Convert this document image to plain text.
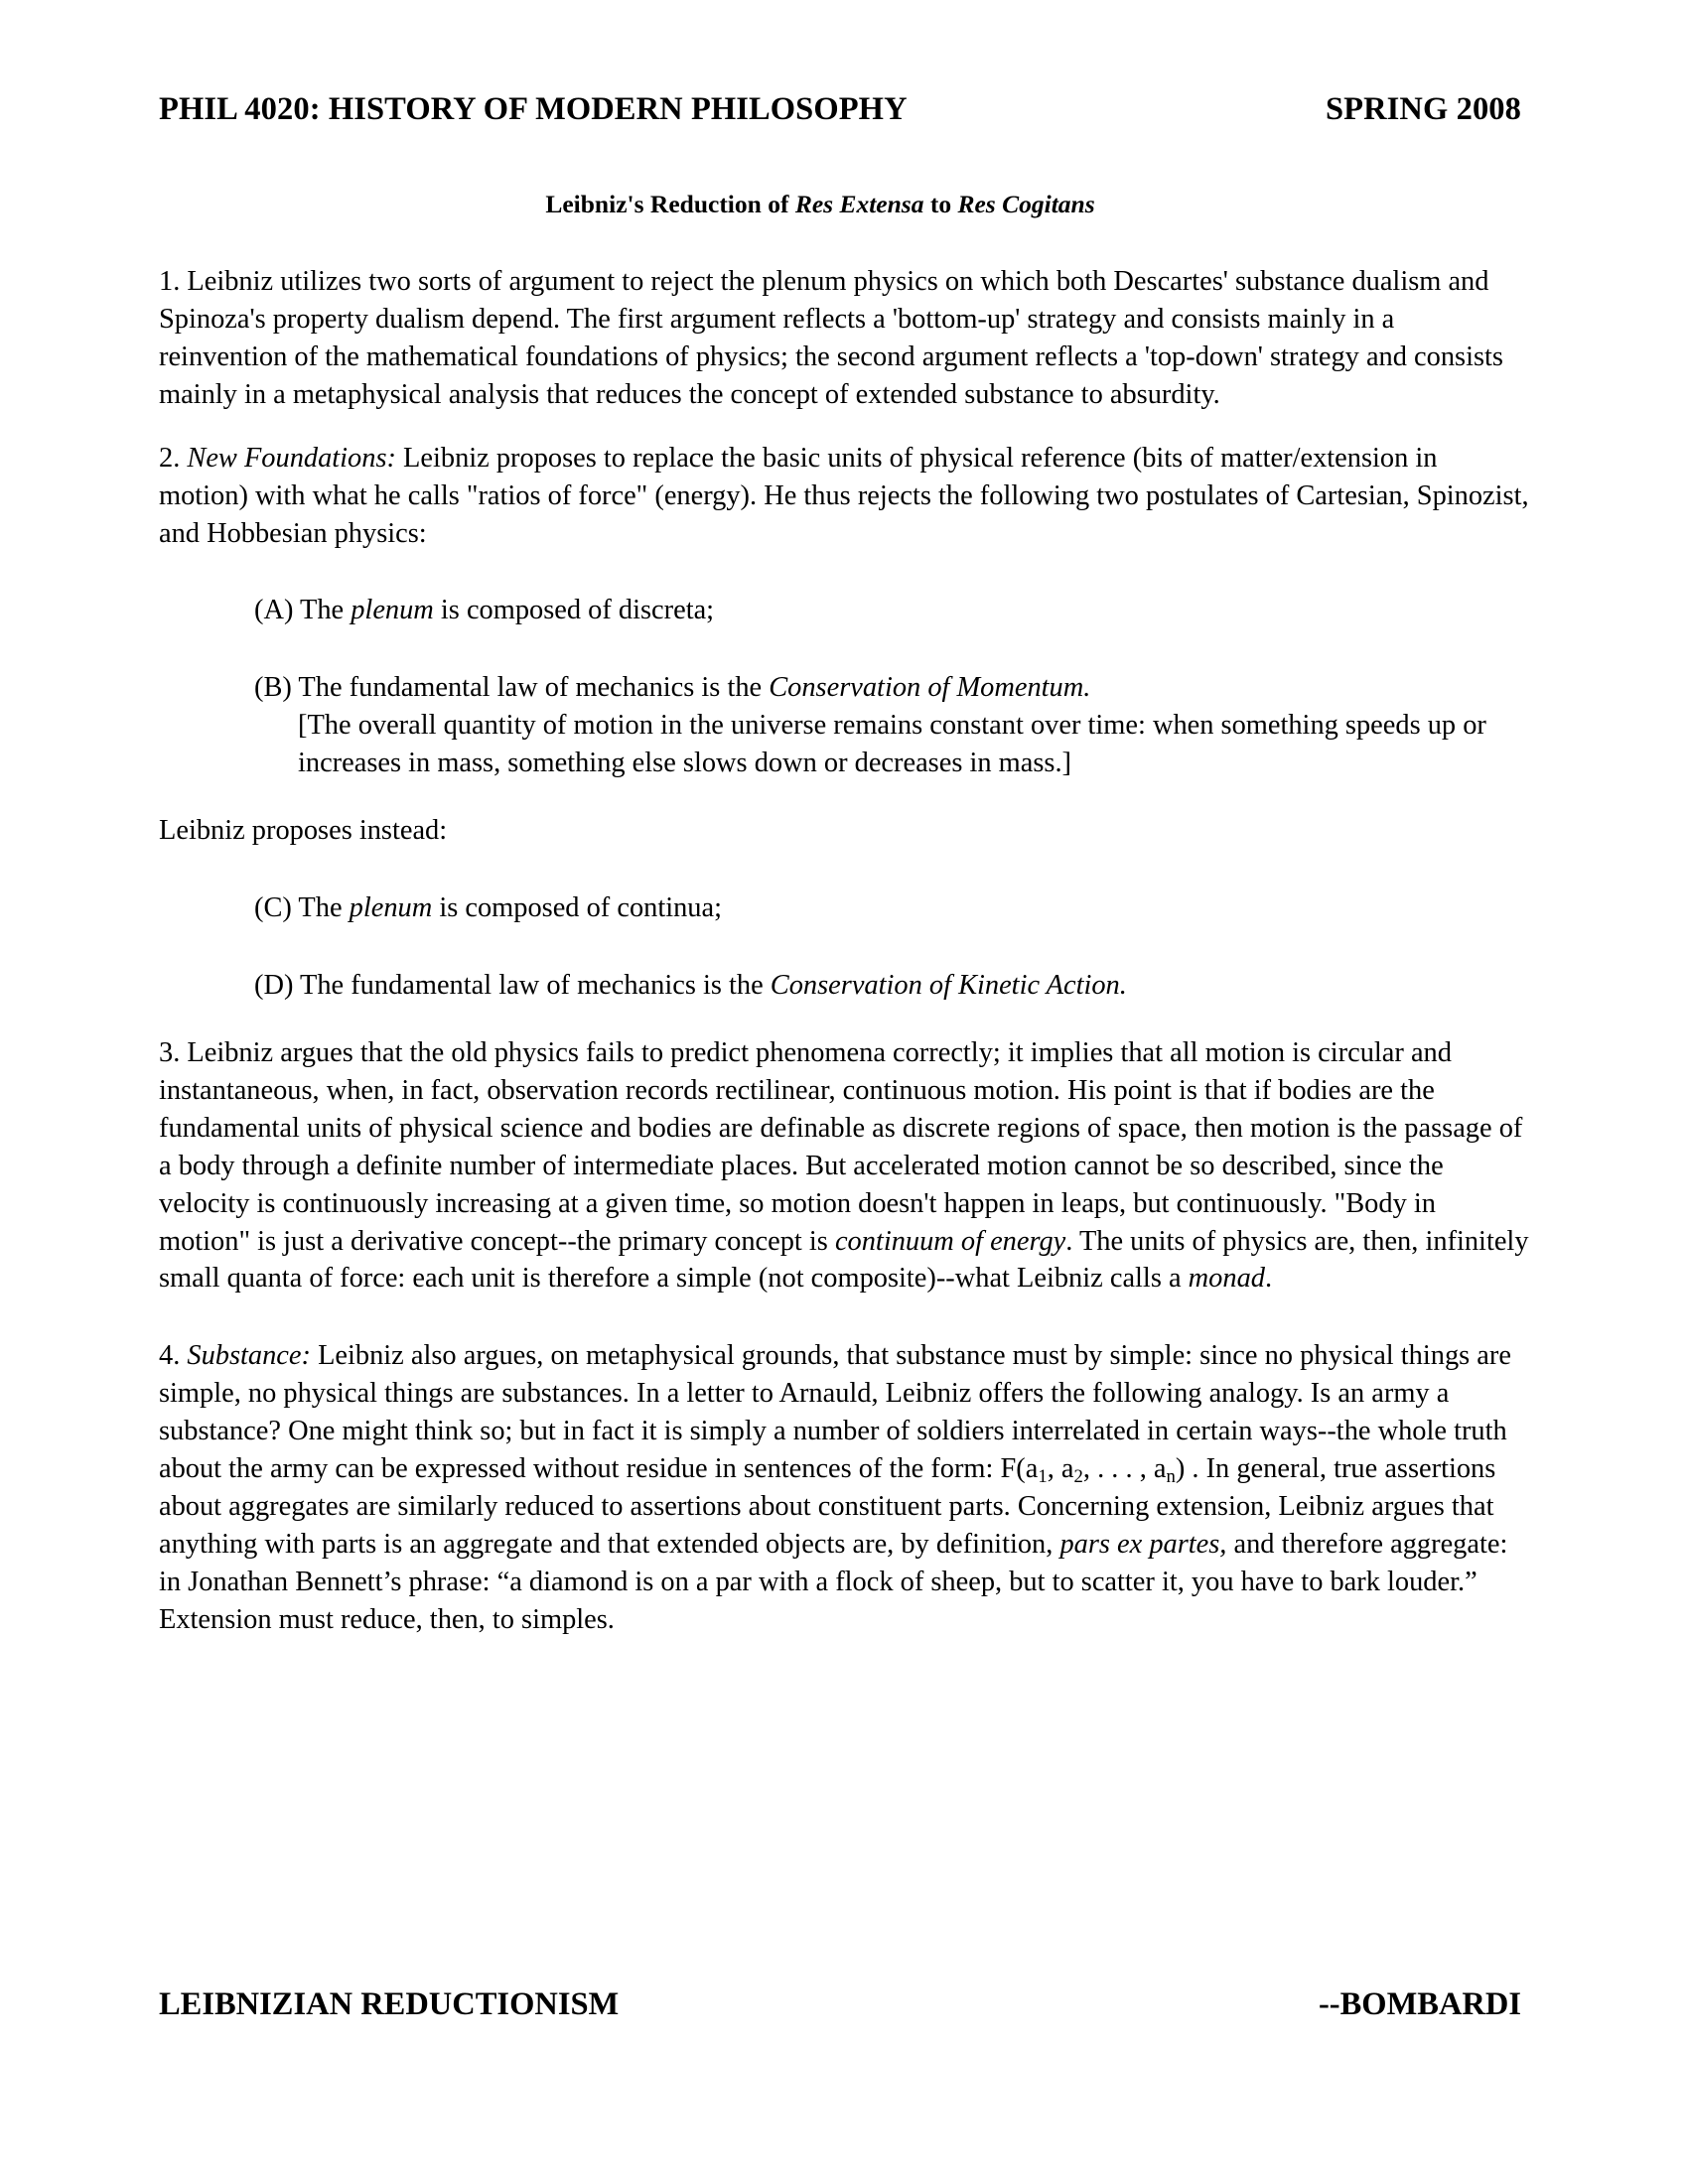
PHIL 4020: HISTORY OF MODERN PHILOSOPHY	SPRING 2008
Leibniz's Reduction of Res Extensa to Res Cogitans

1. Leibniz utilizes two sorts of argument to reject the plenum physics on which both Descartes' substance dualism and Spinoza's property dualism depend. The first argument reflects a 'bottom-up' strategy and consists mainly in a reinvention of the mathematical foundations of physics; the second argument reflects a 'top-down' strategy and consists mainly in a metaphysical analysis that reduces the concept of extended substance to absurdity.

2. New Foundations: Leibniz proposes to replace the basic units of physical reference (bits of matter/extension in motion) with what he calls "ratios of force" (energy). He thus rejects the following two postulates of Cartesian, Spinozist, and Hobbesian physics:

(A) The plenum is composed of discreta;

(B) The fundamental law of mechanics is the Conservation of Momentum.
[The overall quantity of motion in the universe remains constant over time: when something speeds up or increases in mass, something else slows down or decreases in mass.]

Leibniz proposes instead:

(C) The plenum is composed of continua;

(D) The fundamental law of mechanics is the Conservation of Kinetic Action.

3. Leibniz argues that the old physics fails to predict phenomena correctly; it implies that all motion is circular and instantaneous, when, in fact, observation records rectilinear, continuous motion. His point is that if bodies are the fundamental units of physical science and bodies are definable as discrete regions of space, then motion is the passage of a body through a definite number of intermediate places. But accelerated motion cannot be so described, since the velocity is continuously increasing at a given time, so motion doesn't happen in leaps, but continuously. "Body in motion" is just a derivative concept--the primary concept is continuum of energy. The units of physics are, then, infinitely small quanta of force: each unit is therefore a simple (not composite)--what Leibniz calls a monad.

4. Substance: Leibniz also argues, on metaphysical grounds, that substance must by simple: since no physical things are simple, no physical things are substances. In a letter to Arnauld, Leibniz offers the following analogy. Is an army a substance? One might think so; but in fact it is simply a number of soldiers interrelated in certain ways--the whole truth about the army can be expressed without residue in sentences of the form: $F(a_1$, $a_2$, . . . , $a_n$) . In general, true assertions about aggregates are similarly reduced to assertions about constituent parts. Concerning extension, Leibniz argues that anything with parts is an aggregate and that extended objects are, by definition, pars ex partes, and therefore aggregate: in Jonathan Bennett’s phrase: “a diamond is on a par with a flock of sheep, but to scatter it, you have to bark louder.” Extension must reduce, then, to simples.

LEIBNIZIAN REDUCTIONISM	--BOMBARDI
